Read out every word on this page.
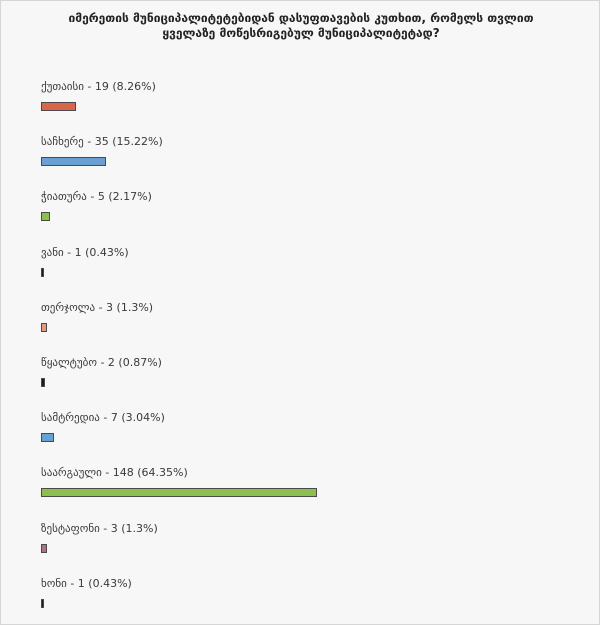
იმერეთის მუნიციპალიტეტებიდან დასუფთავების კუთხით, რომელს თვლით ყველაზე მოწესრიგებულ მუნიციპალიტეტად?
ქუთაისი - 19 (8.26%)
საჩხერე - 35 (15.22%)
ჭიათურა - 5 (2.17%)
ვანი - 1 (0.43%)
თერჯოლა - 3 (1.3%)
წყალტუბო - 2 (0.87%)
სამტრედია - 7 (3.04%)
საარგაული - 148 (64.35%)
ზესტაფონი - 3 (1.3%)
ხონი - 1 (0.43%)
